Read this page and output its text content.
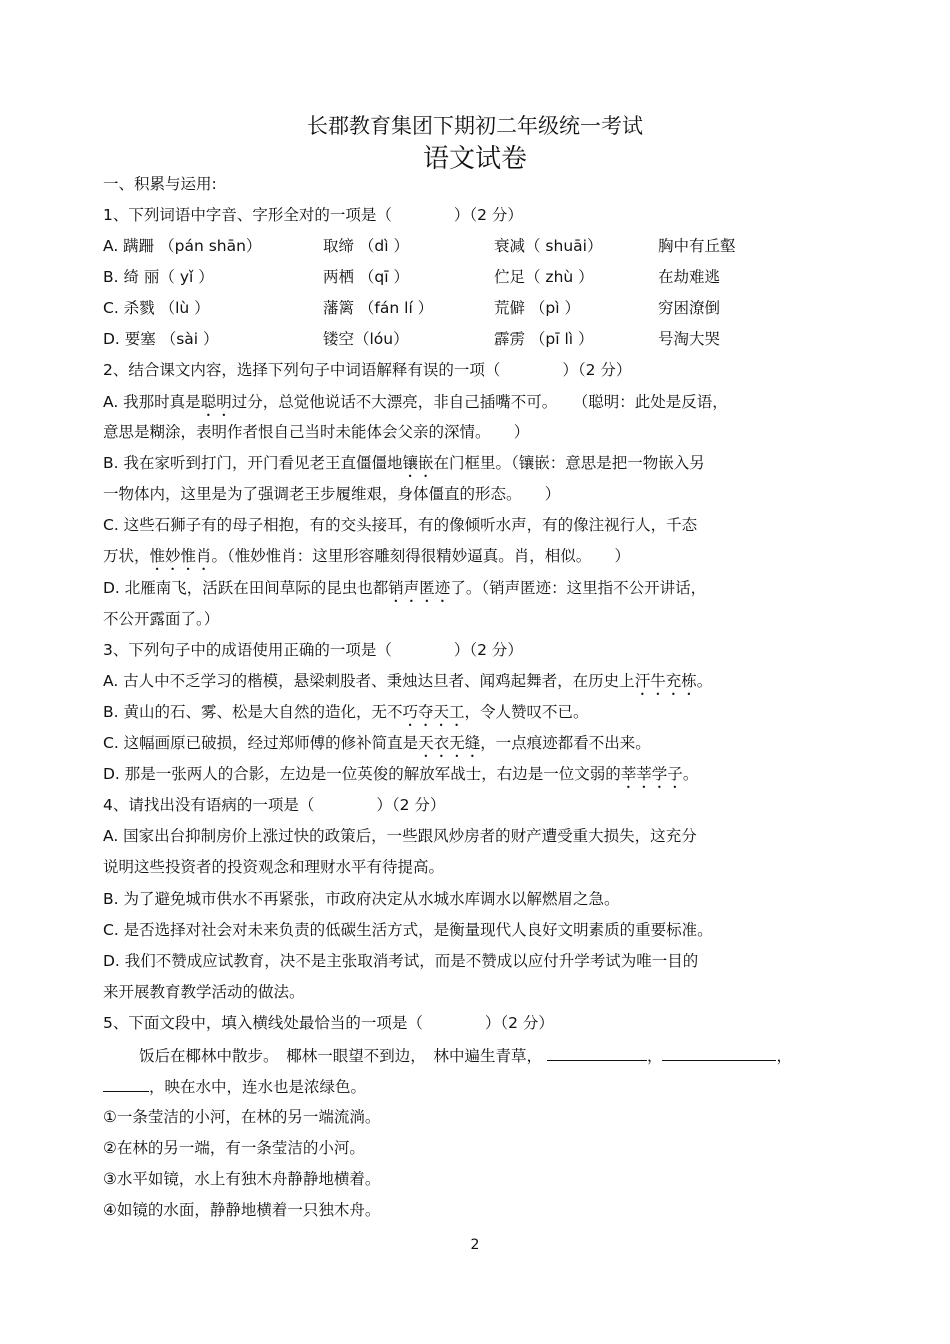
长郡教育集团下期初二年级统一考试
语文试卷
一、积累与运用:
1、下列词语中字音、字形全对的一项是（　　　　）（2 分）
A. 蹒跚 （pán shān）	取缔 （dì ）	衰减（ shuāi）	胸中有丘壑
B. 绮 丽（ yǐ ）	两栖 （qī ）	伫足（ zhù ）	在劫难逃
C. 杀戮 （lù ）	藩篱 （fán lí ）	荒僻 （pì ）	穷困潦倒
D. 要塞 （sài ）	镂空（lóu）	霹雳 （pī lì ）	号淘大哭
2、结合课文内容，选择下列句子中词语解释有误的一项（　　　　）（2 分）
A. 我那时真是聪明过分，总觉他说话不大漂亮，非自己插嘴不可。　　（聪明：此处是反语，
意思是糊涂，表明作者恨自己当时未能体会父亲的深情。　　）
B. 我在家听到打门，开门看见老王直僵僵地镶嵌在门框里。（镶嵌：意思是把一物嵌入另
一物体内，这里是为了强调老王步履维艰，身体僵直的形态。　　）
C. 这些石狮子有的母子相抱，有的交头接耳，有的像倾听水声，有的像注视行人，千态
万状，惟妙惟肖。（惟妙惟肖：这里形容雕刻得很精妙逼真。肖，相似。　　）
D. 北雁南飞，活跃在田间草际的昆虫也都销声匿迹了。（销声匿迹：这里指不公开讲话，
不公开露面了。）
3、下列句子中的成语使用正确的一项是（　　　　）（2 分）
A. 古人中不乏学习的楷模，悬梁刺股者、秉烛达旦者、闻鸡起舞者，在历史上汗牛充栋。
B. 黄山的石、雾、松是大自然的造化，无不巧夺天工，令人赞叹不已。
C. 这幅画原已破损，经过郑师傅的修补简直是天衣无缝，一点痕迹都看不出来。
D. 那是一张两人的合影，左边是一位英俊的解放军战士，右边是一位文弱的莘莘学子。
4、请找出没有语病的一项是（　　　　）（2 分）
A. 国家出台抑制房价上涨过快的政策后，一些跟风炒房者的财产遭受重大损失，这充分
说明这些投资者的投资观念和理财水平有待提高。
B. 为了避免城市供水不再紧张，市政府决定从水城水库调水以解燃眉之急。
C. 是否选择对社会对未来负责的低碳生活方式，是衡量现代人良好文明素质的重要标准。
D. 我们不赞成应试教育，决不是主张取消考试，而是不赞成以应付升学考试为唯一目的
来开展教育教学活动的做法。
5、下面文段中，填入横线处最恰当的一项是（　　　　）（2 分）
饭后在椰林中散步。　椰林一眼望不到边，　林中遍生青草，	，	，
，映在水中，连水也是浓绿色。
①一条莹洁的小河，在林的另一端流淌。
②在林的另一端，有一条莹洁的小河。
③水平如镜，水上有独木舟静静地横着。
④如镜的水面，静静地横着一只独木舟。
2
